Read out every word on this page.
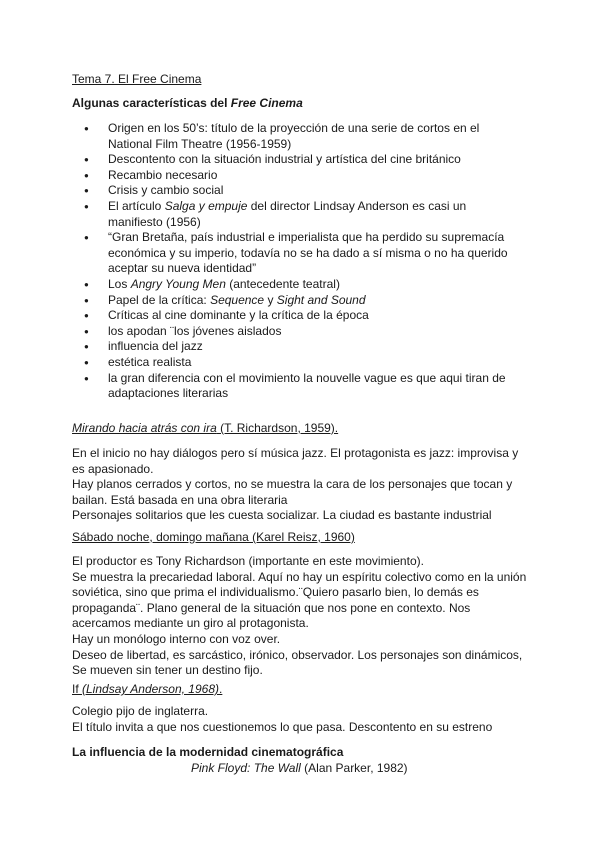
Tema 7. El Free Cinema
Algunas características del Free Cinema
● Origen en los 50’s: título de la proyección de una serie de cortos en el National Film Theatre (1956-1959)
● Descontento con la situación industrial y artística del cine británico
● Recambio necesario
● Crisis y cambio social
● El artículo Salga y empuje del director Lindsay Anderson es casi un manifiesto (1956)
● “Gran Bretaña, país industrial e imperialista que ha perdido su supremacía económica y su imperio, todavía no se ha dado a sí misma o no ha querido aceptar su nueva identidad”
● Los Angry Young Men (antecedente teatral)
● Papel de la crítica: Sequence y Sight and Sound
● Críticas al cine dominante y la crítica de la época
● los apodan ¨los jóvenes aislados
● influencia del jazz
● estética realista
● la gran diferencia con el movimiento la nouvelle vague es que aqui tiran de adaptaciones literarias
Mirando hacia atrás con ira (T. Richardson, 1959).
En el inicio no hay diálogos pero sí música jazz. El protagonista es jazz: improvisa y es apasionado.
Hay planos cerrados y cortos, no se muestra la cara de los personajes que tocan y bailan. Está basada en una obra literaria
Personajes solitarios que les cuesta socializar. La ciudad es bastante industrial
Sábado noche, domingo mañana (Karel Reisz, 1960)
El productor es Tony Richardson (importante en este movimiento).
Se muestra la precariedad laboral. Aquí no hay un espíritu colectivo como en la unión soviética, sino que prima el individualismo.¨Quiero pasarlo bien, lo demás es propaganda¨. Plano general de la situación que nos pone en contexto. Nos acercamos mediante un giro al protagonista.
Hay un monólogo interno con voz over.
Deseo de libertad, es sarcástico, irónico, observador. Los personajes son dinámicos, Se mueven sin tener un destino fijo.
If (Lindsay Anderson, 1968).
Colegio pijo de inglaterra.
El título invita a que nos cuestionemos lo que pasa. Descontento en su estreno
La influencia de la modernidad cinematográfica
Pink Floyd: The Wall (Alan Parker, 1982)
